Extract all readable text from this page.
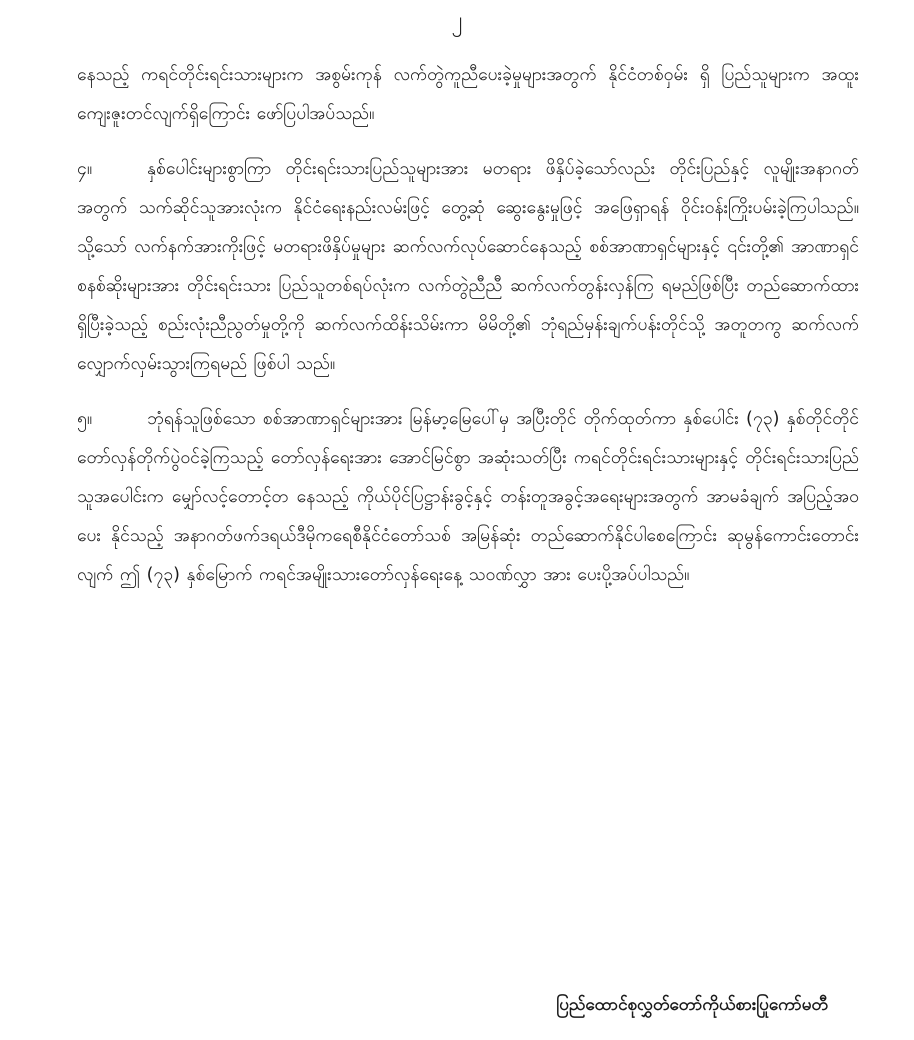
၂

နေသည့် ကရင်တိုင်းရင်းသားများက အစွမ်းကုန် လက်တွဲကူညီပေးခဲ့မှုများအတွက် နိုင်ငံတစ်ဝှမ်း ရှိ ပြည်သူများက အထူးကျေးဇူးတင်လျက်ရှိကြောင်း ဖော်ပြပါအပ်သည်။

၄။	နှစ်ပေါင်းများစွာကြာ တိုင်းရင်းသားပြည်သူများအား မတရား ဖိနှိပ်ခဲ့သော်လည်း တိုင်းပြည်နှင့် လူမျိုးအနာဂတ်အတွက် သက်ဆိုင်သူအားလုံးက နိုင်ငံရေးနည်းလမ်းဖြင့် တွေ့ဆုံ ဆွေးနွေးမှုဖြင့် အဖြေရှာရန် ဝိုင်းဝန်းကြိုးပမ်းခဲ့ကြပါသည်။ သို့သော် လက်နက်အားကိုးဖြင့် မတရားဖိနှိပ်မှုများ ဆက်လက်လုပ်ဆောင်နေသည့် စစ်အာဏာရှင်များနှင့် ၎င်းတို့၏ အာဏာရှင် စနစ်ဆိုးများအား တိုင်းရင်းသား ပြည်သူတစ်ရပ်လုံးက လက်တွဲညီညီ ဆက်လက်တွန်းလှန်ကြ ရမည်ဖြစ်ပြီး တည်ဆောက်ထားရှိပြီးခဲ့သည့် စည်းလုံးညီညွတ်မှုတို့ကို ဆက်လက်ထိန်းသိမ်းကာ မိမိတို့၏ ဘုံရည်မှန်းချက်ပန်းတိုင်သို့ အတူတကွ ဆက်လက်လျှောက်လှမ်းသွားကြရမည် ဖြစ်ပါ သည်။

၅။	ဘုံရန်သူဖြစ်သော စစ်အာဏာရှင်များအား မြန်မာ့မြေပေါ်မှ အပြီးတိုင် တိုက်ထုတ်ကာ နှစ်ပေါင်း (၇၃) နှစ်တိုင်တိုင် တော်လှန်တိုက်ပွဲဝင်ခဲ့ကြသည့် တော်လှန်ရေးအား အောင်မြင်စွာ အဆုံးသတ်ပြီး ကရင်တိုင်းရင်းသားများနှင့် တိုင်းရင်းသားပြည်သူအပေါင်းက မျှော်လင့်တောင့်တ နေသည့် ကိုယ်ပိုင်ပြဋ္ဌာန်းခွင့်နှင့် တန်းတူအခွင့်အရေးများအတွက် အာမခံချက် အပြည့်အဝပေး နိုင်သည့် အနာဂတ်ဖက်ဒရယ်ဒီမိုကရေစီနိုင်ငံတော်သစ် အမြန်ဆုံး တည်ဆောက်နိုင်ပါစေကြောင်း ဆုမွန်ကောင်းတောင်းလျက် ဤ (၇၃) နှစ်မြောက် ကရင်အမျိုးသားတော်လှန်ရေးနေ့ သဝဏ်လွှာ အား ပေးပို့အပ်ပါသည်။

ပြည်ထောင်စုလွှတ်တော်ကိုယ်စားပြုကော်မတီ
